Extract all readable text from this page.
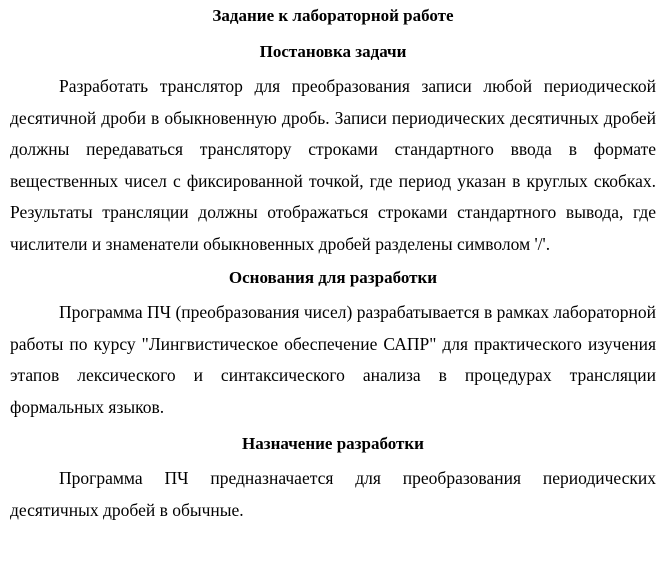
Задание к лабораторной работе
Постановка задачи

Разработать транслятор для преобразования записи любой периодической десятичной дроби в обыкновенную дробь. Записи периодических десятичных дробей должны передаваться транслятору строками стандартного ввода в формате вещественных чисел с фиксированной точкой, где период указан в круглых скобках. Результаты трансляции должны отображаться строками стандартного вывода, где числители и знаменатели обыкновенных дробей разделены символом '/'.

Основания для разработки

Программа ПЧ (преобразования чисел) разрабатывается в рамках лабораторной работы по курсу "Лингвистическое обеспечение САПР" для практического изучения этапов лексического и синтаксического анализа в процедурах трансляции формальных языков.

Назначение разработки

Программа ПЧ предназначается для преобразования периодических десятичных дробей в обычные.
